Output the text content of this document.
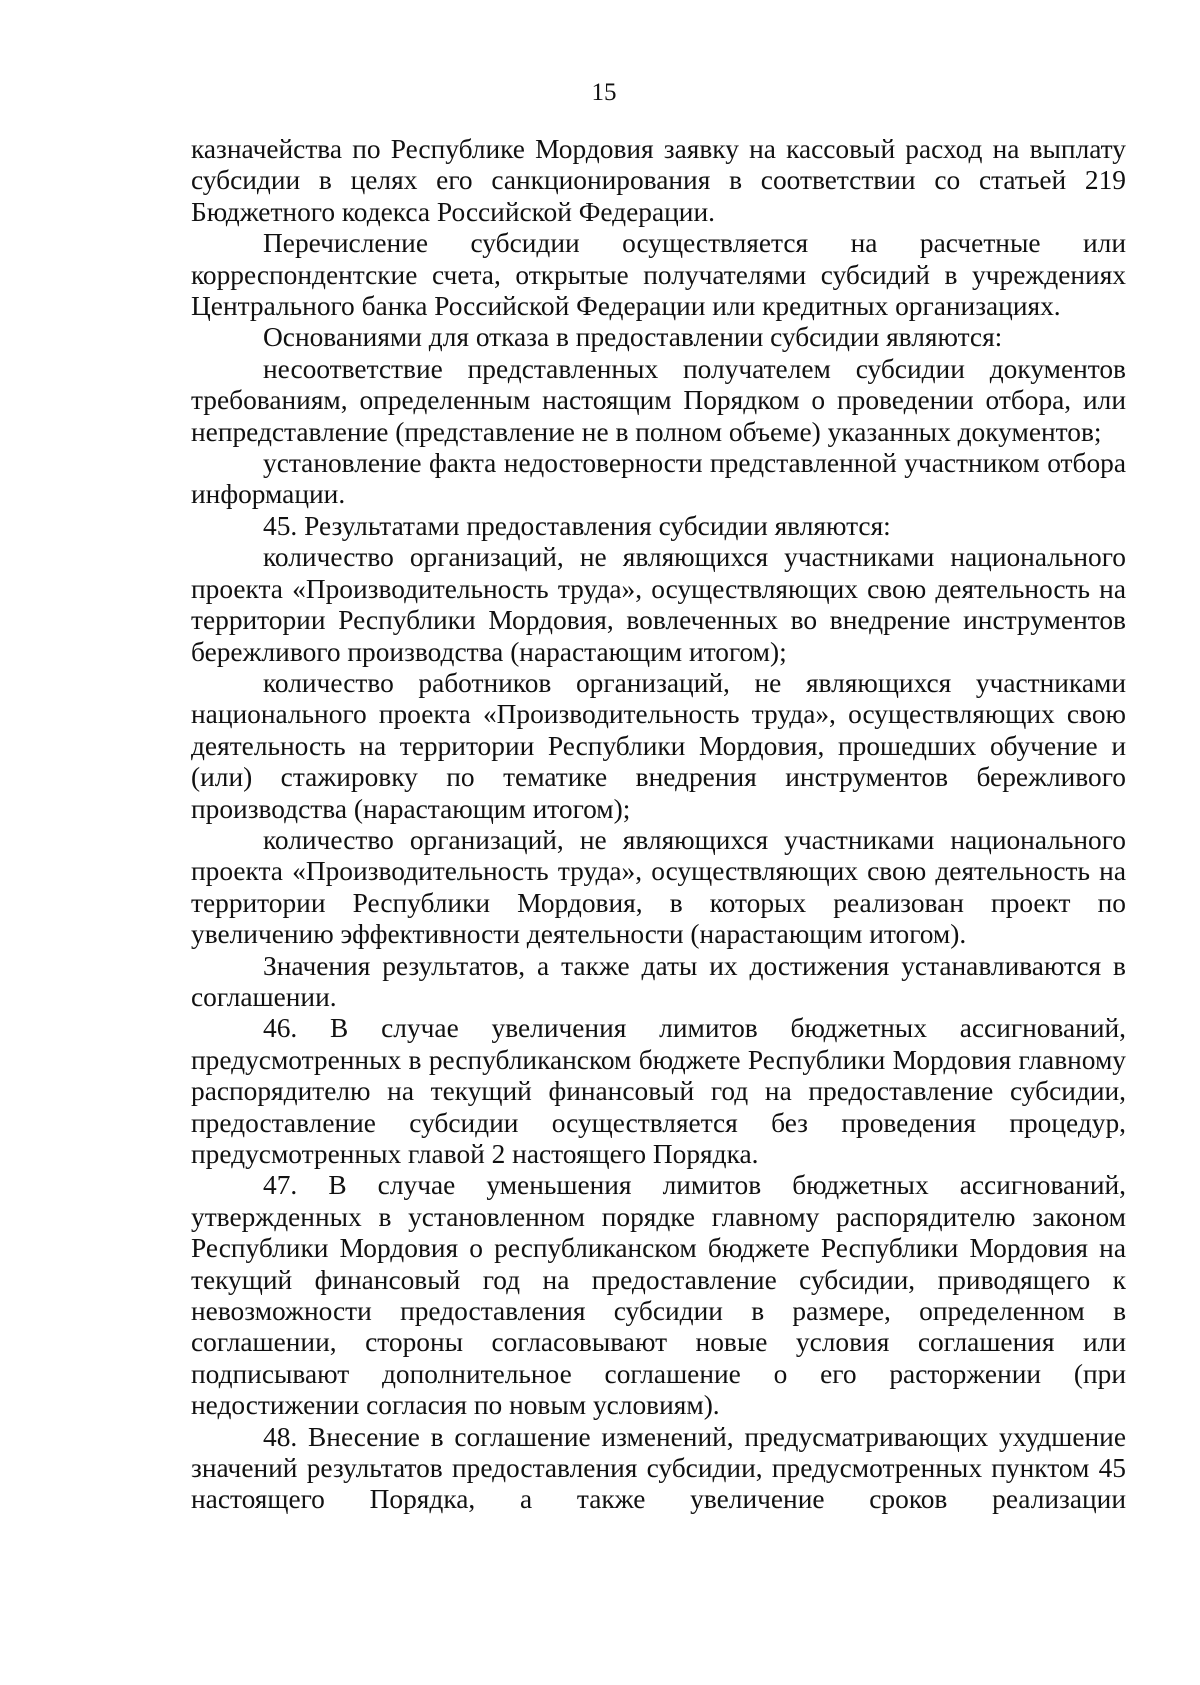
15

казначейства по Республике Мордовия заявку на кассовый расход на выплату субсидии в целях его санкционирования в соответствии со статьей 219 Бюджетного кодекса Российской Федерации.

Перечисление субсидии осуществляется на расчетные или корреспондентские счета, открытые получателями субсидий в учреждениях Центрального банка Российской Федерации или кредитных организациях.

Основаниями для отказа в предоставлении субсидии являются:

несоответствие представленных получателем субсидии документов требованиям, определенным настоящим Порядком о проведении отбора, или непредставление (представление не в полном объеме) указанных документов;

установление факта недостоверности представленной участником отбора информации.

45. Результатами предоставления субсидии являются:

количество организаций, не являющихся участниками национального проекта «Производительность труда», осуществляющих свою деятельность на территории Республики Мордовия, вовлеченных во внедрение инструментов бережливого производства (нарастающим итогом);

количество работников организаций, не являющихся участниками национального проекта «Производительность труда», осуществляющих свою деятельность на территории Республики Мордовия, прошедших обучение и (или) стажировку по тематике внедрения инструментов бережливого производства (нарастающим итогом);

количество организаций, не являющихся участниками национального проекта «Производительность труда», осуществляющих свою деятельность на территории Республики Мордовия, в которых реализован проект по увеличению эффективности деятельности (нарастающим итогом).

Значения результатов, а также даты их достижения устанавливаются в соглашении.

46. В случае увеличения лимитов бюджетных ассигнований, предусмотренных в республиканском бюджете Республики Мордовия главному распорядителю на текущий финансовый год на предоставление субсидии, предоставление субсидии осуществляется без проведения процедур, предусмотренных главой 2 настоящего Порядка.

47. В случае уменьшения лимитов бюджетных ассигнований, утвержденных в установленном порядке главному распорядителю законом Республики Мордовия о республиканском бюджете Республики Мордовия на текущий финансовый год на предоставление субсидии, приводящего к невозможности предоставления субсидии в размере, определенном в соглашении, стороны согласовывают новые условия соглашения или подписывают дополнительное соглашение о его расторжении (при недостижении согласия по новым условиям).

48. Внесение в соглашение изменений, предусматривающих ухудшение значений результатов предоставления субсидии, предусмотренных пунктом 45 настоящего Порядка, а также увеличение сроков реализации
